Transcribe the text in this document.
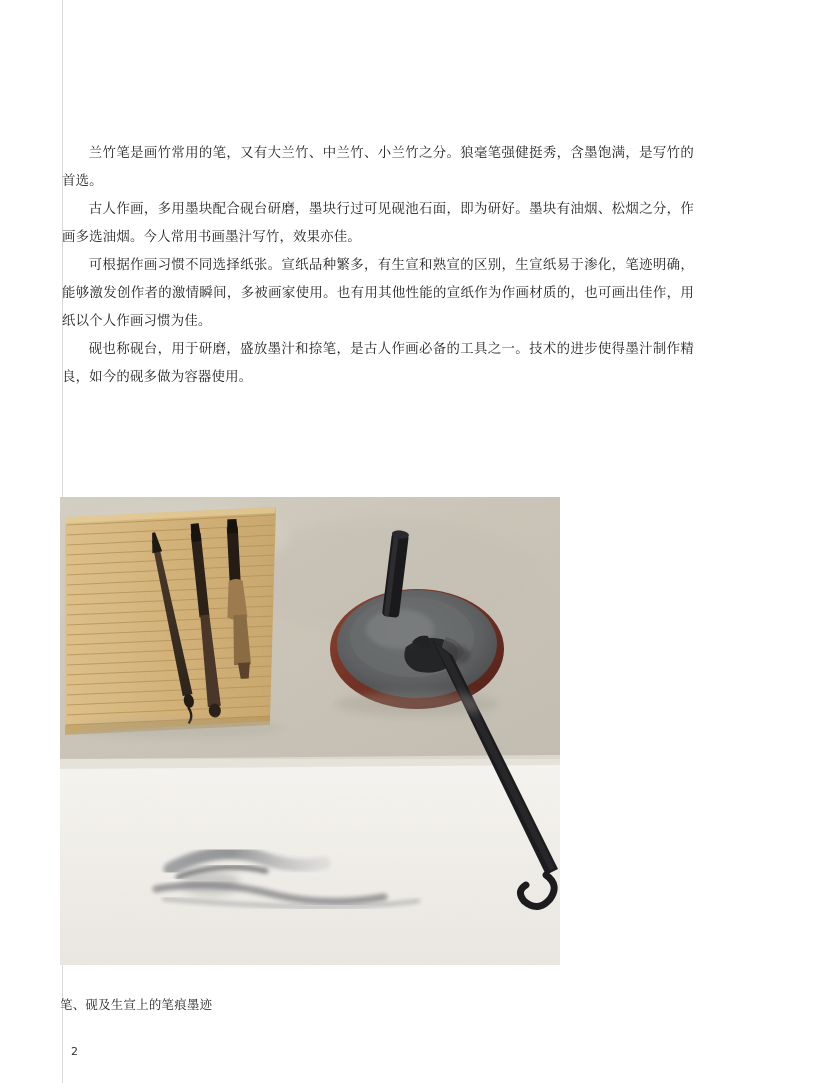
兰竹笔是画竹常用的笔，又有大兰竹、中兰竹、小兰竹之分。狼毫笔强健挺秀，含墨饱满，是写竹的首选。

古人作画，多用墨块配合砚台研磨，墨块行过可见砚池石面，即为研好。墨块有油烟、松烟之分，作画多选油烟。今人常用书画墨汁写竹，效果亦佳。

可根据作画习惯不同选择纸张。宣纸品种繁多，有生宣和熟宣的区别，生宣纸易于渗化，笔迹明确，能够激发创作者的激情瞬间，多被画家使用。也有用其他性能的宣纸作为作画材质的，也可画出佳作，用纸以个人作画习惯为佳。

砚也称砚台，用于研磨，盛放墨汁和捺笔，是古人作画必备的工具之一。技术的进步使得墨汁制作精良，如今的砚多做为容器使用。

笔、砚及生宣上的笔痕墨迹
2
